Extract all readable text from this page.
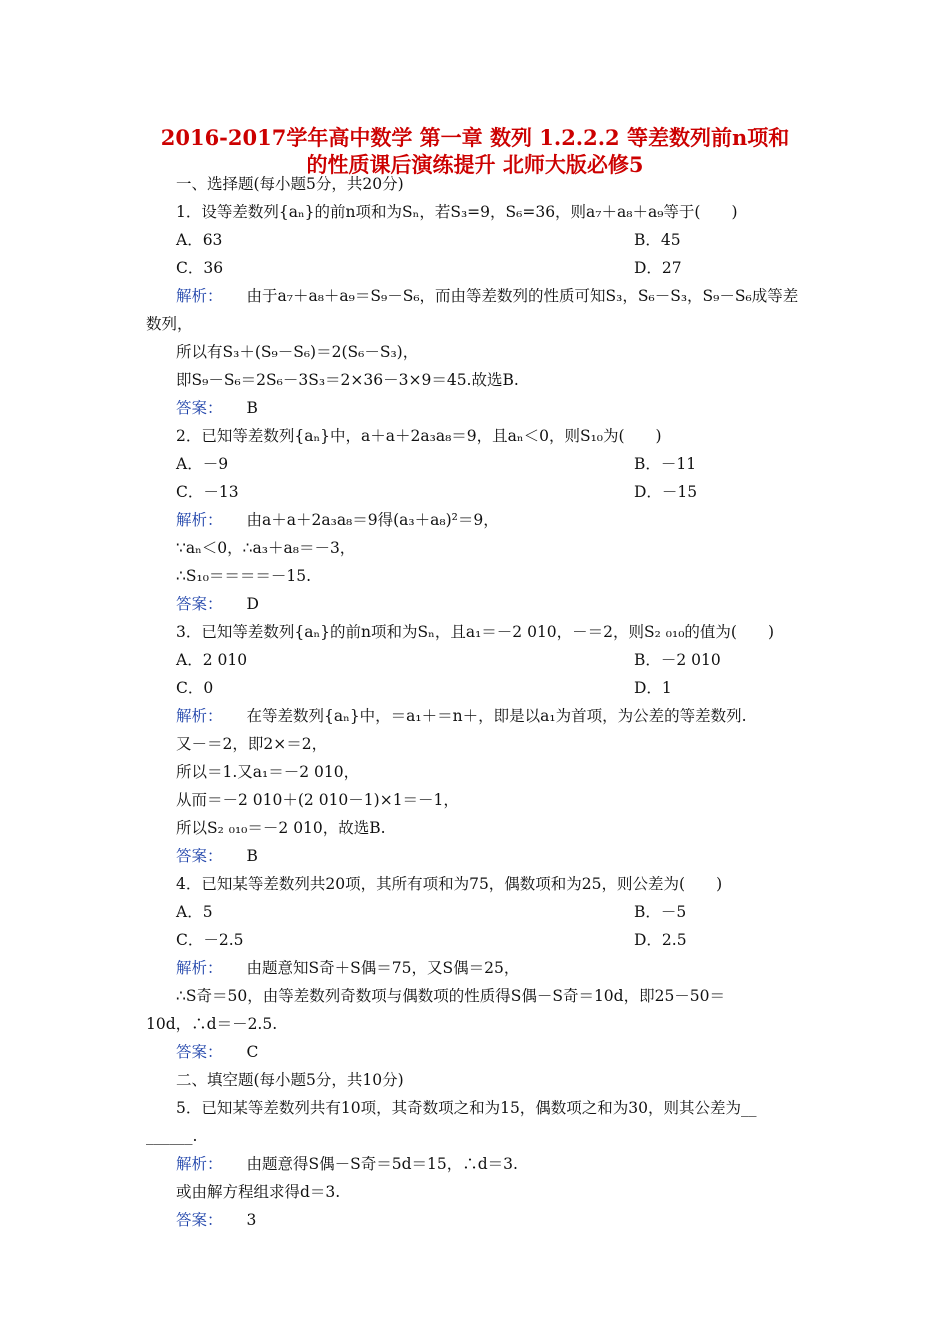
2016-2017学年高中数学 第一章 数列 1.2.2.2 等差数列前n项和
的性质课后演练提升 北师大版必修5
一、选择题(每小题5分，共20分)
1．设等差数列{aₙ}的前n项和为Sₙ，若S₃=9，S₆=36，则a₇＋a₈＋a₉等于(　　)
A．63	B．45
C．36	D．27
解析： 由于a₇＋a₈＋a₉＝S₉－S₆，而由等差数列的性质可知S₃，S₆－S₃，S₉－S₆成等差
数列，
所以有S₃＋(S₉－S₆)＝2(S₆－S₃)，
即S₉－S₆＝2S₆－3S₃＝2×36－3×9＝45.故选B.
答案： B
2．已知等差数列{aₙ}中，a＋a＋2a₃a₈＝9，且aₙ＜0，则S₁₀为(　　)
A．－9	B．－11
C．－13	D．－15
解析： 由a＋a＋2a₃a₈＝9得(a₃＋a₈)²＝9，
∵aₙ＜0，∴a₃＋a₈＝－3，
∴S₁₀＝＝＝＝－15.
答案： D
3．已知等差数列{aₙ}的前n项和为Sₙ，且a₁＝－2 010，－＝2，则S₂ ₀₁₀的值为(　　)
A．2 010	B．－2 010
C．0	D．1
解析： 在等差数列{aₙ}中，＝a₁＋＝n＋，即是以a₁为首项，为公差的等差数列.
又－＝2，即2×＝2，
所以＝1.又a₁＝－2 010，
从而＝－2 010＋(2 010－1)×1＝－1，
所以S₂ ₀₁₀＝－2 010，故选B.
答案： B
4．已知某等差数列共20项，其所有项和为75，偶数项和为25，则公差为(　　)
A．5	B．－5
C．－2.5	D．2.5
解析： 由题意知S奇＋S偶＝75，又S偶＝25，
∴S奇＝50，由等差数列奇数项与偶数项的性质得S偶－S奇＝10d，即25－50＝
10d，∴d＝－2.5.
答案： C
二、填空题(每小题5分，共10分)
5．已知某等差数列共有10项，其奇数项之和为15，偶数项之和为30，则其公差为__
______.
解析： 由题意得S偶－S奇＝5d＝15，∴d＝3.
或由解方程组求得d＝3.
答案： 3
